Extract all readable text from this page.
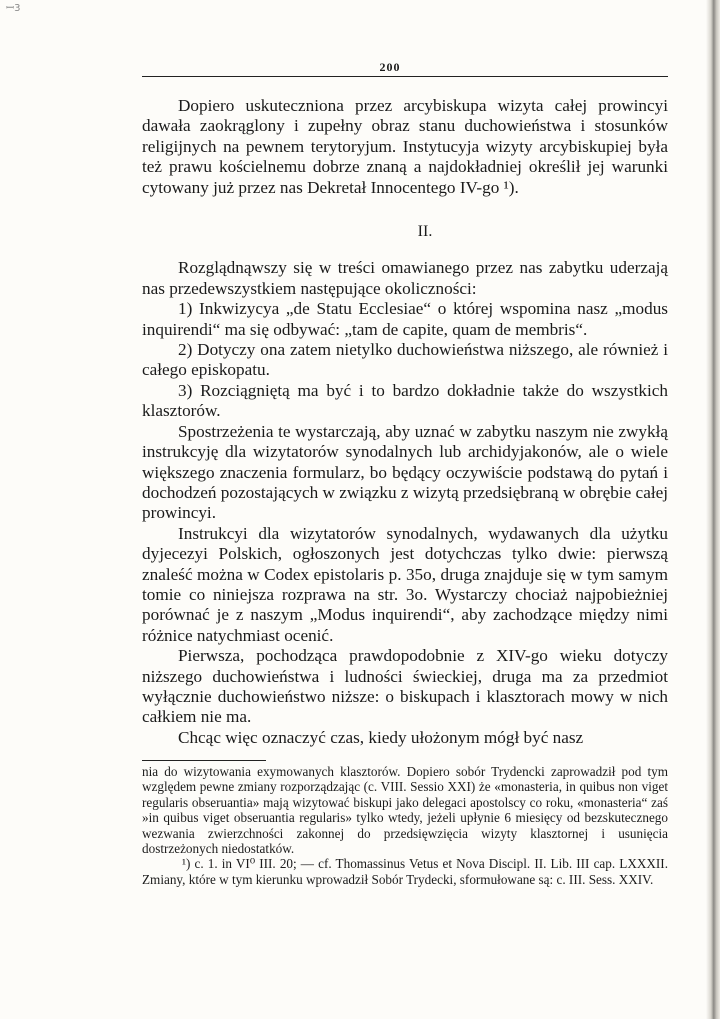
ꟷ3
200

Dopiero uskuteczniona przez arcybiskupa wizyta całej prowincyi dawała zaokrąglony i zupełny obraz stanu duchowieństwa i stosunków religijnych na pewnem terytoryjum. Instytucyja wizyty arcybiskupiej była też prawu kościelnemu dobrze znaną a najdokładniej określił jej warunki cytowany już przez nas Dekretał Innocentego IV-go ¹).

II.

Rozglądnąwszy się w treści omawianego przez nas zabytku uderzają nas przedewszystkiem następujące okoliczności:

1) Inkwizycya „de Statu Ecclesiae“ o której wspomina nasz „modus inquirendi“ ma się odbywać: „tam de capite, quam de membris“.

2) Dotyczy ona zatem nietylko duchowieństwa niższego, ale również i całego episkopatu.

3) Rozciągniętą ma być i to bardzo dokładnie także do wszystkich klasztorów.

Spostrzeżenia te wystarczają, aby uznać w zabytku naszym nie zwykłą instrukcyję dla wizytatorów synodalnych lub archidyjakonów, ale o wiele większego znaczenia formularz, bo będący oczywiście podstawą do pytań i dochodzeń pozostających w związku z wizytą przedsiębraną w obrębie całej prowincyi.

Instrukcyi dla wizytatorów synodalnych, wydawanych dla użytku dyjecezyi Polskich, ogłoszonych jest dotychczas tylko dwie: pierwszą znaleść można w Codex epistolaris p. 35o, druga znajduje się w tym samym tomie co niniejsza rozprawa na str. 3o. Wystarczy chociaż najpobieżniej porównać je z naszym „Modus inquirendi“, aby zachodzące między nimi różnice natychmiast ocenić.

Pierwsza, pochodząca prawdopodobnie z XIV-go wieku dotyczy niższego duchowieństwa i ludności świeckiej, druga ma za przedmiot wyłącznie duchowieństwo niższe: o biskupach i klasztorach mowy w nich całkiem nie ma.

Chcąc więc oznaczyć czas, kiedy ułożonym mógł być nasz

nia do wizytowania exymowanych klasztorów. Dopiero sobór Trydencki zaprowadził pod tym względem pewne zmiany rozporządzając (c. VIII. Sessio XXI) że «monasteria, in quibus non viget regularis obseruantia» mają wizytować biskupi jako delegaci apostolscy co roku, «monasteria“ zaś »in quibus viget obseruantia regularis» tylko wtedy, jeżeli upłynie 6 miesięcy od bezskutecznego wezwania zwierzchności zakonnej do przedsięwzięcia wizyty klasztornej i usunięcia dostrzeżonych niedostatków.

¹) c. 1. in VI⁰ III. 20; — cf. Thomassinus Vetus et Nova Discipl. II. Lib. III cap. LXXXII. Zmiany, które w tym kierunku wprowadził Sobór Trydecki, sformułowane są: c. III. Sess. XXIV.
